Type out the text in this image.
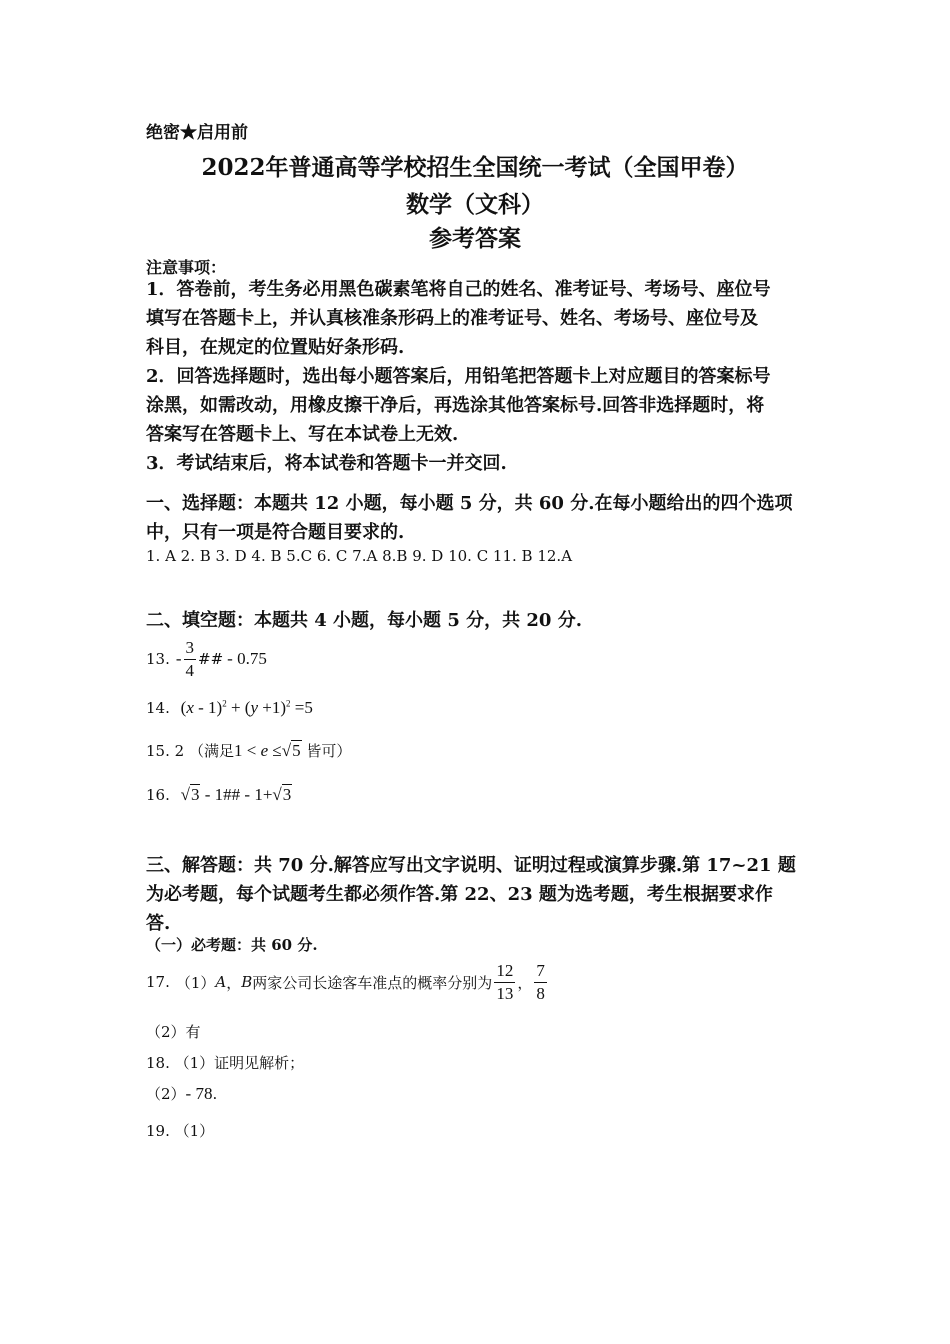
绝密★启用前
2022年普通高等学校招生全国统一考试（全国甲卷）
数学（文科）
参考答案
注意事项：
1．答卷前，考生务必用黑色碳素笔将自己的姓名、准考证号、考场号、座位号
填写在答题卡上，并认真核准条形码上的准考证号、姓名、考场号、座位号及
科目，在规定的位置贴好条形码.
2．回答选择题时，选出每小题答案后，用铅笔把答题卡上对应题目的答案标号
涂黑，如需改动，用橡皮擦干净后，再选涂其他答案标号.回答非选择题时，将
答案写在答题卡上、写在本试卷上无效.
3．考试结束后，将本试卷和答题卡一并交回.
一、选择题：本题共 12 小题，每小题 5 分，共 60 分.在每小题给出的四个选项
中，只有一项是符合题目要求的.
1. A 2. B 3. D 4. B 5.C 6. C 7.A 8.B 9. D 10. C 11. B 12.A
二、填空题：本题共 4 小题，每小题 5 分，共 20 分.
13. - $\frac{3}{4}$ ## - 0.75
14. $(x - 1)^2 + (y +1)^2 =5$
15. 2 （满足1 < e ≤√5 皆可）
16. √3 - 1## - 1+√3
三、解答题：共 70 分.解答应写出文字说明、证明过程或演算步骤.第 17~21 题
为必考题，每个试题考生都必须作答.第 22、23 题为选考题，考生根据要求作
答.
（一）必考题：共 60 分.
17. （1） A ， B 两家公司长途客车准点的概率分别为 $\frac{12}{13}$ ， $\frac{7}{8}$
（2）有
18. （1）证明见解析；
（2）- 78.
19. （1）
